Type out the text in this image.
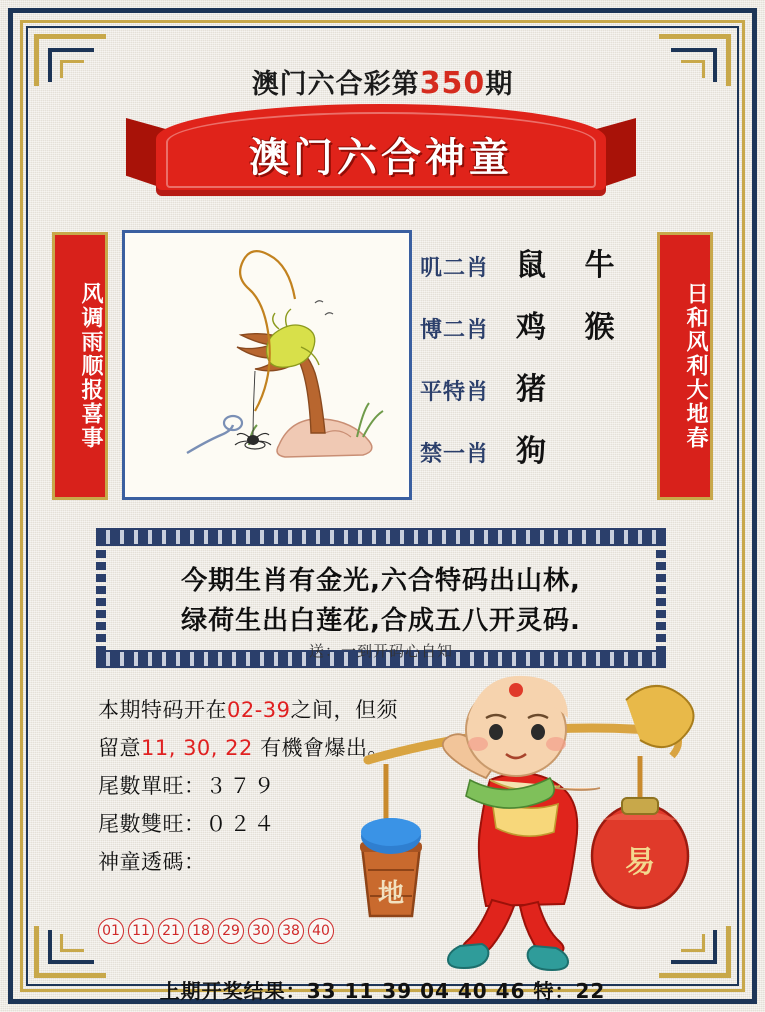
澳门六合彩第350期
澳门六合神童
风调雨顺报喜事	日和风利大地春
叽二肖 鼠 牛
博二肖 鸡 猴
平特肖 猪
禁一肖 狗
今期生肖有金光,六合特码出山林,
绿荷生出白莲花,合成五八开灵码.
送：一到开码心自知
本期特码开在02-39之间，但须
留意11, 30, 22 有機會爆出。
尾數單旺：３７９
尾數雙旺：０２４
神童透碼：
01 11 21 18 29 30 38 40
地
易
上期开奖结果：33 11 39 04 40 46 特：22
